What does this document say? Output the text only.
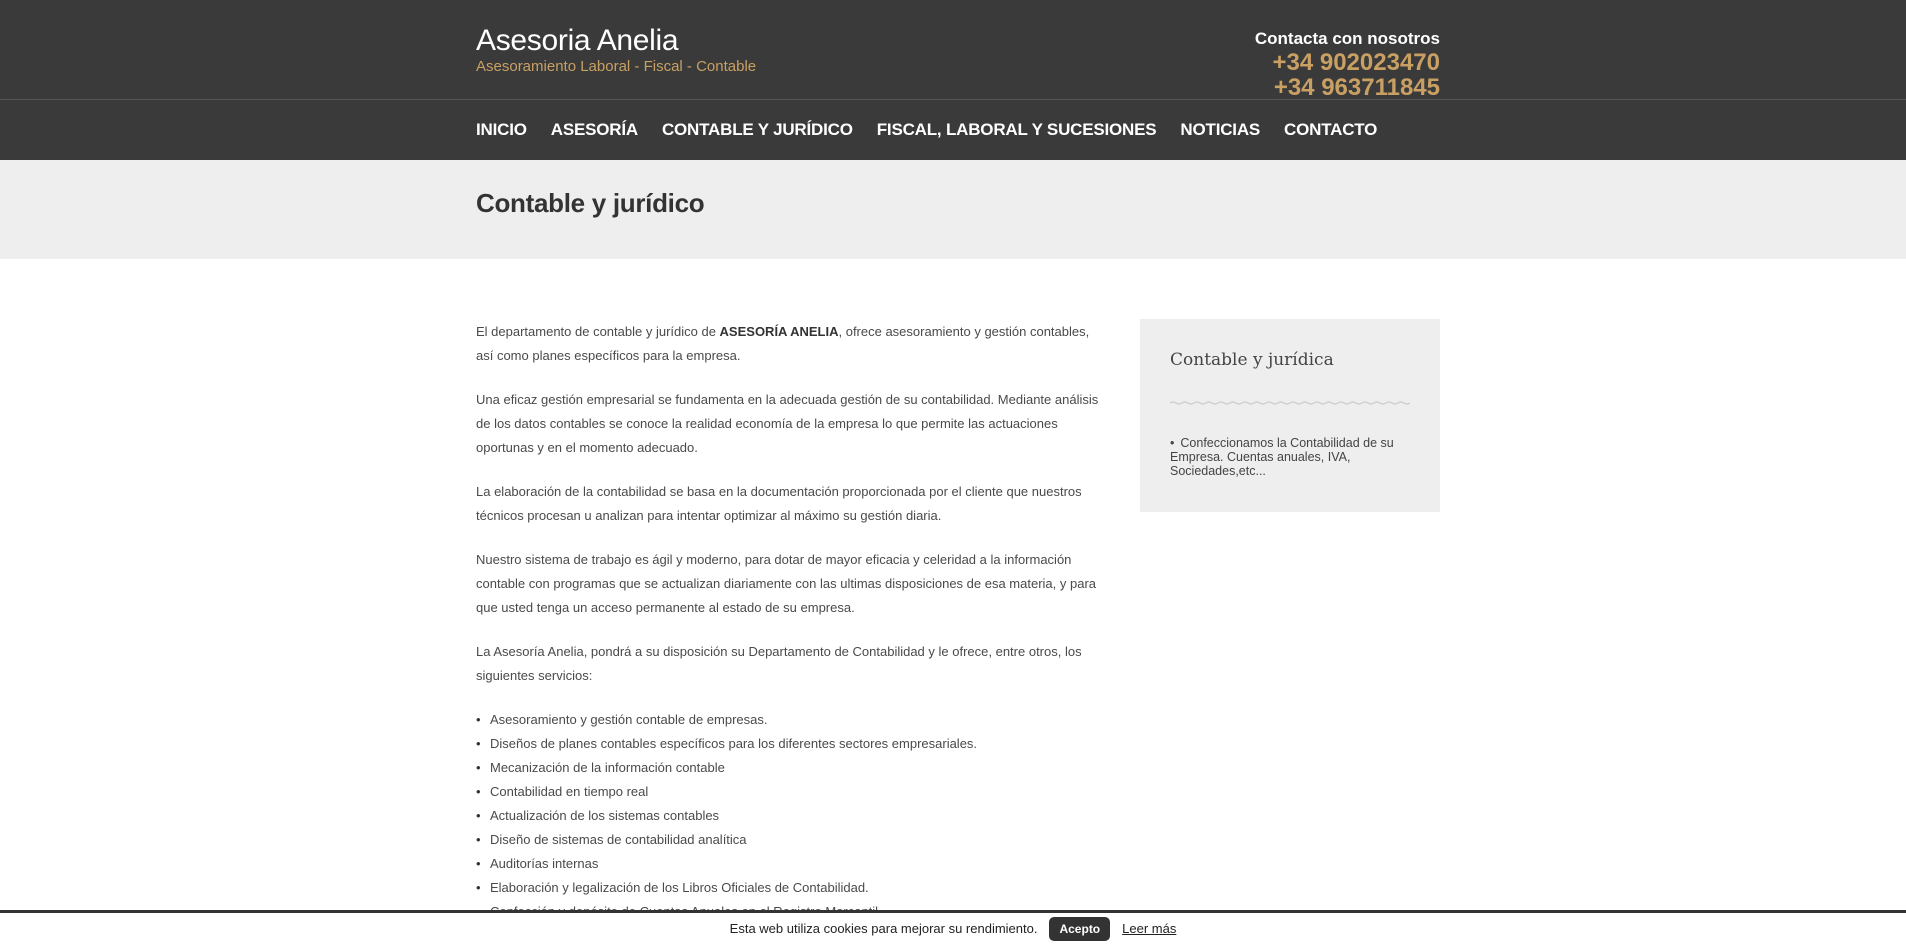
Asesoria Anelia
Asesoramiento Laboral - Fiscal - Contable
Contacta con nosotros
+34 902023470
+34 963711845
INICIO ASESORÍA CONTABLE Y JURÍDICO FISCAL, LABORAL Y SUCESIONES NOTICIAS CONTACTO
Contable y jurídico

El departamento de contable y jurídico de ASESORÍA ANELIA, ofrece asesoramiento y gestión contables, así como planes específicos para la empresa.

Una eficaz gestión empresarial se fundamenta en la adecuada gestión de su contabilidad. Mediante análisis de los datos contables se conoce la realidad economía de la empresa lo que permite las actuaciones oportunas y en el momento adecuado.

La elaboración de la contabilidad se basa en la documentación proporcionada por el cliente que nuestros técnicos procesan u analizan para intentar optimizar al máximo su gestión diaria.

Nuestro sistema de trabajo es ágil y moderno, para dotar de mayor eficacia y celeridad a la información contable con programas que se actualizan diariamente con las ultimas disposiciones de esa materia, y para que usted tenga un acceso permanente al estado de su empresa.

La Asesoría Anelia, pondrá a su disposición su Departamento de Contabilidad y le ofrece, entre otros, los siguientes servicios:

• Asesoramiento y gestión contable de empresas.
• Diseños de planes contables específicos para los diferentes sectores empresariales.
• Mecanización de la información contable
• Contabilidad en tiempo real
• Actualización de los sistemas contables
• Diseño de sistemas de contabilidad analítica
• Auditorías internas
• Elaboración y legalización de los Libros Oficiales de Contabilidad.
•
Contable y jurídica
• Confeccionamos la Contabilidad de su Empresa. Cuentas anuales, IVA, Sociedades,etc...
Esta web utiliza cookies para mejorar su rendimiento.	Acepto	Leer más
